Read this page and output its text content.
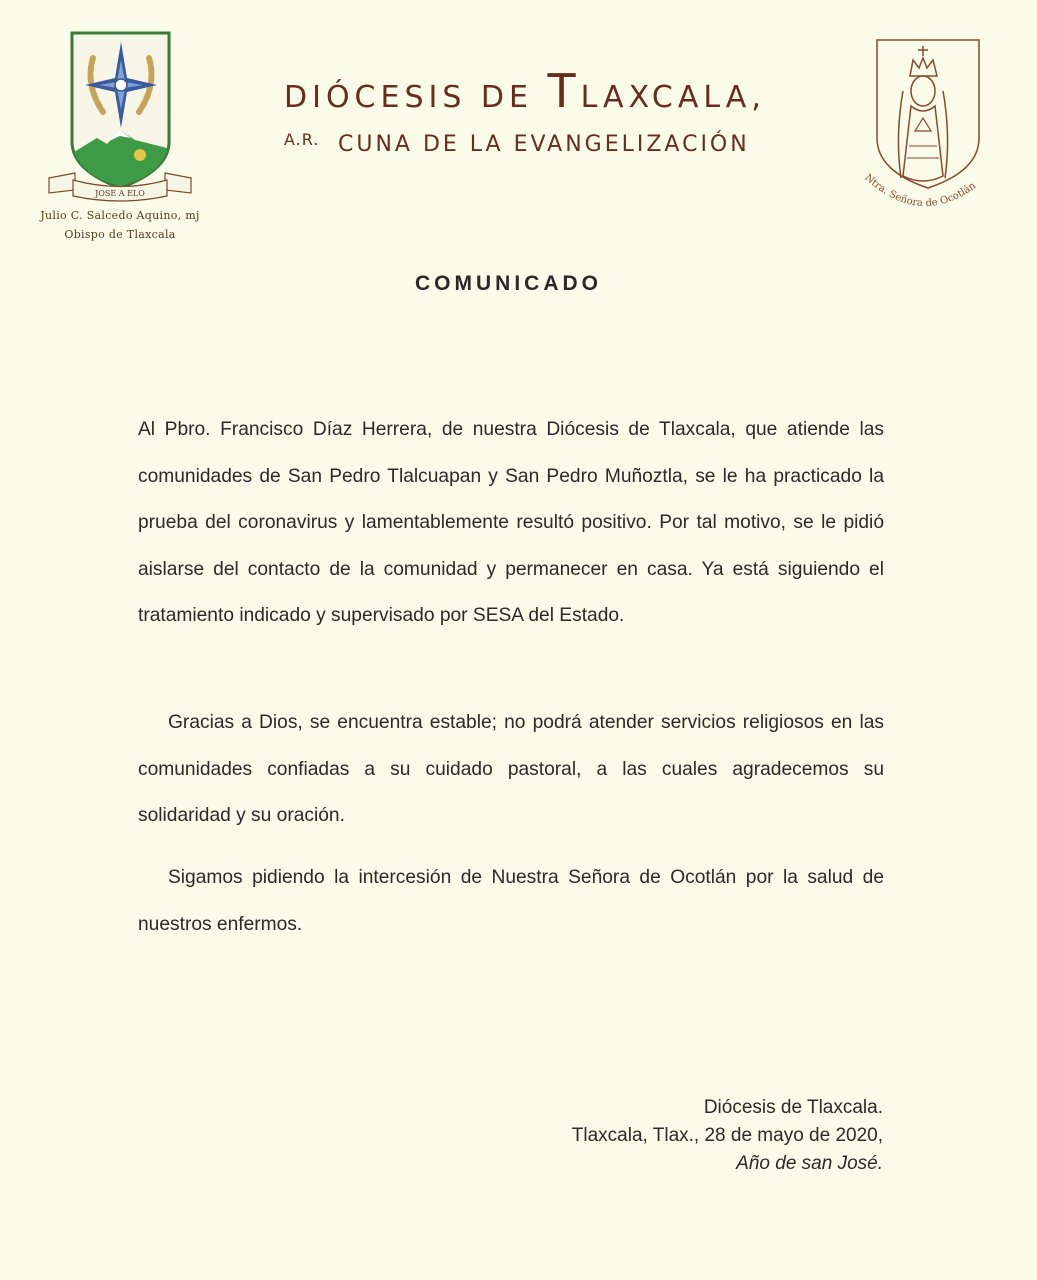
JOSE A ELO
Julio C. Salcedo Aquino, mj
Obispo de Tlaxcala
DIÓCESIS DE TLAXCALA, A.R. CUNA DE LA EVANGELIZACIÓN
Ntra. Señora de Ocotlán
COMUNICADO
Al Pbro. Francisco Díaz Herrera, de nuestra Diócesis de Tlaxcala, que atiende las comunidades de San Pedro Tlalcuapan y San Pedro Muñoztla, se le ha practicado la prueba del coronavirus y lamentablemente resultó positivo. Por tal motivo, se le pidió aislarse del contacto de la comunidad y permanecer en casa. Ya está siguiendo el tratamiento indicado y supervisado por SESA del Estado.
Gracias a Dios, se encuentra estable; no podrá atender servicios religiosos en las comunidades confiadas a su cuidado pastoral, a las cuales agradecemos su solidaridad y su oración.
Sigamos pidiendo la intercesión de Nuestra Señora de Ocotlán por la salud de nuestros enfermos.
Diócesis de Tlaxcala.
Tlaxcala, Tlax., 28 de mayo de 2020,
Año de san José.
